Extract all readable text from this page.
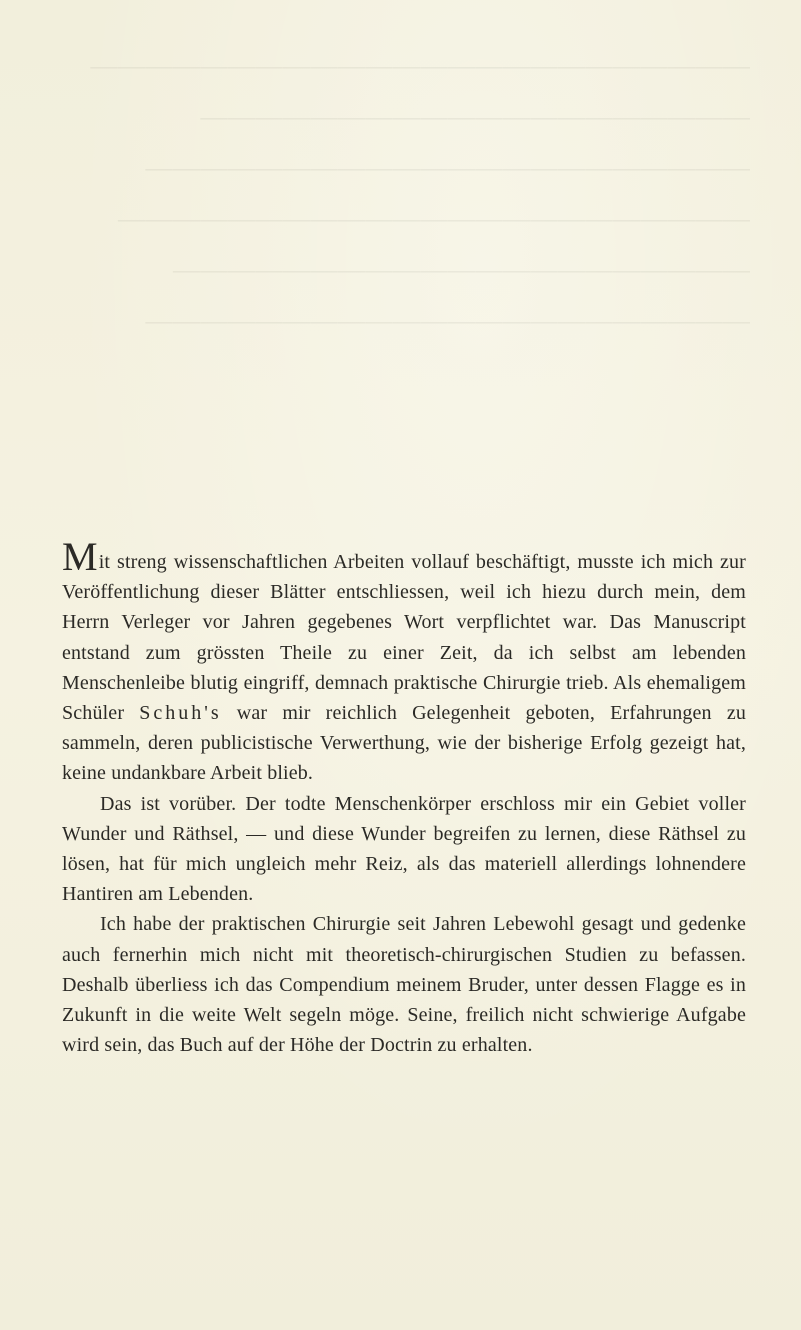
————————————————————————
————————————————————
——————————————————————
———————————————————————
—————————————————————
——————————————————————

Mit streng wissenschaftlichen Arbeiten vollauf beschäftigt, musste ich mich zur Veröffentlichung dieser Blätter entschliessen, weil ich hiezu durch mein, dem Herrn Verleger vor Jahren gegebenes Wort verpflichtet war. Das Manuscript entstand zum grössten Theile zu einer Zeit, da ich selbst am lebenden Menschenleibe blutig eingriff, demnach praktische Chirurgie trieb. Als ehemaligem Schüler Schuh's war mir reichlich Gelegenheit geboten, Erfahrungen zu sammeln, deren publicistische Verwerthung, wie der bisherige Erfolg gezeigt hat, keine undankbare Arbeit blieb.

Das ist vorüber. Der todte Menschenkörper erschloss mir ein Gebiet voller Wunder und Räthsel, — und diese Wunder begreifen zu lernen, diese Räthsel zu lösen, hat für mich ungleich mehr Reiz, als das materiell allerdings lohnendere Hantiren am Lebenden.

Ich habe der praktischen Chirurgie seit Jahren Lebewohl gesagt und gedenke auch fernerhin mich nicht mit theoretisch-chirurgischen Studien zu befassen. Deshalb überliess ich das Compendium meinem Bruder, unter dessen Flagge es in Zukunft in die weite Welt segeln möge. Seine, freilich nicht schwierige Aufgabe wird sein, das Buch auf der Höhe der Doctrin zu erhalten.
